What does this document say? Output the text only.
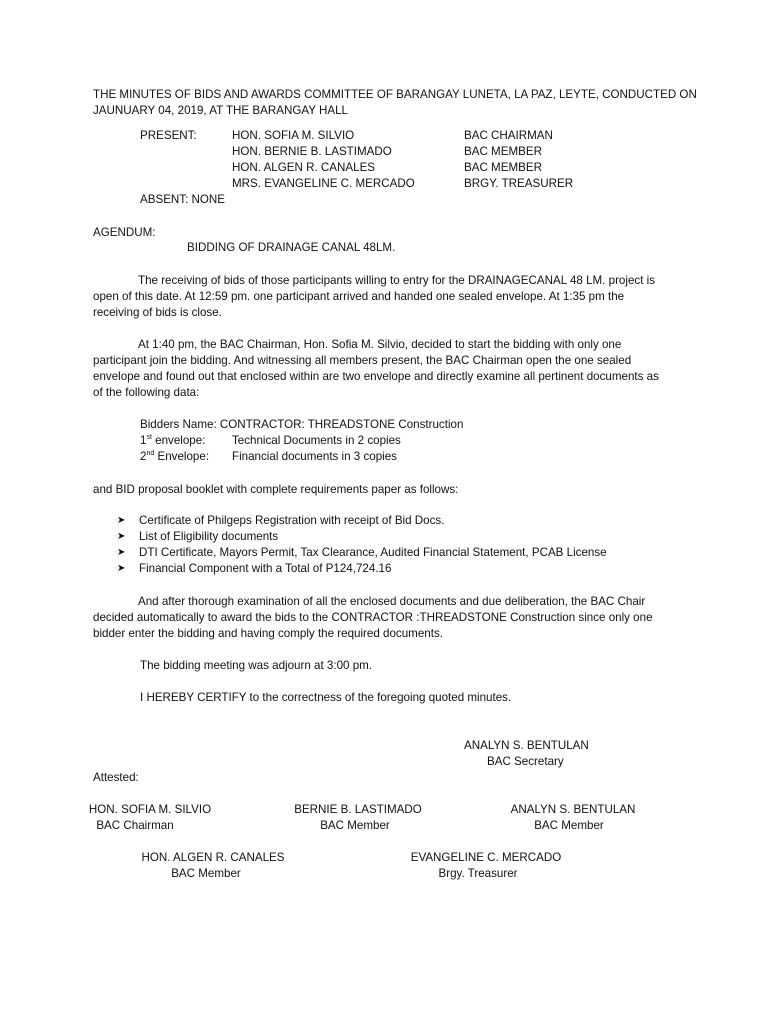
THE MINUTES OF BIDS AND AWARDS COMMITTEE OF BARANGAY LUNETA, LA PAZ, LEYTE, CONDUCTED ON
JAUNUARY 04, 2019, AT THE BARANGAY HALL
PRESENT:	HON. SOFIA M. SILVIO	BAC CHAIRMAN
HON. BERNIE B. LASTIMADO	BAC MEMBER
HON. ALGEN R. CANALES	BAC MEMBER
MRS. EVANGELINE C. MERCADO	BRGY. TREASURER
ABSENT: NONE
AGENDUM:
BIDDING OF DRAINAGE CANAL 48LM.
The receiving of bids of those participants willing to entry for the DRAINAGECANAL 48 LM. project is open of this date. At 12:59 pm. one participant arrived and handed one sealed envelope. At 1:35 pm the receiving of bids is close.
At 1:40 pm, the BAC Chairman, Hon. Sofia M. Silvio, decided to start the bidding with only one participant join the bidding. And witnessing all members present, the BAC Chairman open the one sealed envelope and found out that enclosed within are two envelope and directly examine all pertinent documents as of the following data:
Bidders Name: CONTRACTOR: THREADSTONE Construction
1st envelope: Technical Documents in 2 copies
2nd Envelope: Financial documents in 3 copies
and BID proposal booklet with complete requirements paper as follows:
➤ Certificate of Philgeps Registration with receipt of Bid Docs.
➤ List of Eligibility documents
➤ DTI Certificate, Mayors Permit, Tax Clearance, Audited Financial Statement, PCAB License
➤ Financial Component with a Total of P124,724.16
And after thorough examination of all the enclosed documents and due deliberation, the BAC Chair decided automatically to award the bids to the CONTRACTOR :THREADSTONE Construction since only one bidder enter the bidding and having comply the required documents.
The bidding meeting was adjourn at 3:00 pm.
I HEREBY CERTIFY to the correctness of the foregoing quoted minutes.
ANALYN S. BENTULAN
BAC Secretary
Attested:
HON. SOFIA M. SILVIO
BAC Chairman
BERNIE B. LASTIMADO
BAC Member
ANALYN S. BENTULAN
BAC Member
HON. ALGEN R. CANALES
BAC Member
EVANGELINE C. MERCADO
Brgy. Treasurer
